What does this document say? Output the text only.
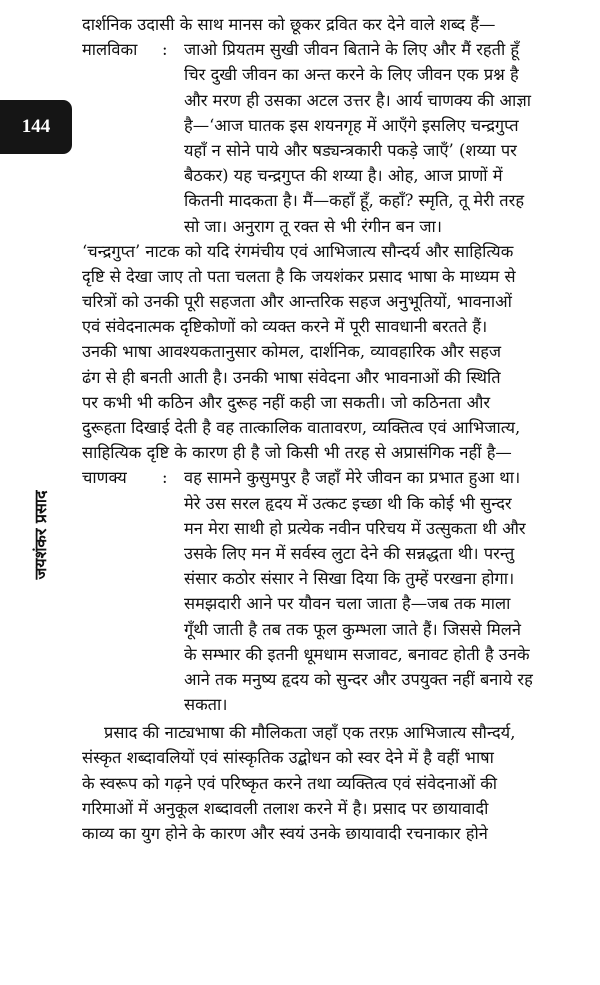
144
जयशंकर प्रसाद
दार्शनिक उदासी के साथ मानस को छूकर द्रवित कर देने वाले शब्द हैं—
मालविका	:	जाओ प्रियतम सुखी जीवन बिताने के लिए और मैं रहती हूँ
चिर दुखी जीवन का अन्त करने के लिए जीवन एक प्रश्न है
और मरण ही उसका अटल उत्तर है। आर्य चाणक्य की आज्ञा
है—‘आज घातक इस शयनगृह में आएँगे इसलिए चन्द्रगुप्त
यहाँ न सोने पाये और षड्यन्त्रकारी पकड़े जाएँ’ (शय्या पर
बैठकर) यह चन्द्रगुप्त की शय्या है। ओह, आज प्राणों में
कितनी मादकता है। मैं—कहाँ हूँ, कहाँ? स्मृति, तू मेरी तरह
सो जा। अनुराग तू रक्त से भी रंगीन बन जा।
‘चन्द्रगुप्त’ नाटक को यदि रंगमंचीय एवं आभिजात्य सौन्दर्य और साहित्यिक
दृष्टि से देखा जाए तो पता चलता है कि जयशंकर प्रसाद भाषा के माध्यम से
चरित्रों को उनकी पूरी सहजता और आन्तरिक सहज अनुभूतियों, भावनाओं
एवं संवेदनात्मक दृष्टिकोणों को व्यक्त करने में पूरी सावधानी बरतते हैं।
उनकी भाषा आवश्यकतानुसार कोमल, दार्शनिक, व्यावहारिक और सहज
ढंग से ही बनती आती है। उनकी भाषा संवेदना और भावनाओं की स्थिति
पर कभी भी कठिन और दुरूह नहीं कही जा सकती। जो कठिनता और
दुरूहता दिखाई देती है वह तात्कालिक वातावरण, व्यक्तित्व एवं आभिजात्य,
साहित्यिक दृष्टि के कारण ही है जो किसी भी तरह से अप्रासंगिक नहीं है—
चाणक्य	:	वह सामने कुसुमपुर है जहाँ मेरे जीवन का प्रभात हुआ था।
मेरे उस सरल हृदय में उत्कट इच्छा थी कि कोई भी सुन्दर
मन मेरा साथी हो प्रत्येक नवीन परिचय में उत्सुकता थी और
उसके लिए मन में सर्वस्व लुटा देने की सन्नद्धता थी। परन्तु
संसार कठोर संसार ने सिखा दिया कि तुम्हें परखना होगा।
समझदारी आने पर यौवन चला जाता है—जब तक माला
गूँथी जाती है तब तक फूल कुम्भला जाते हैं। जिससे मिलने
के सम्भार की इतनी धूमधाम सजावट, बनावट होती है उनके
आने तक मनुष्य हृदय को सुन्दर और उपयुक्त नहीं बनाये रह
सकता।
प्रसाद की नाट्यभाषा की मौलिकता जहाँ एक तरफ़ आभिजात्य सौन्दर्य,
संस्कृत शब्दावलियों एवं सांस्कृतिक उद्बोधन को स्वर देने में है वहीं भाषा
के स्वरूप को गढ़ने एवं परिष्कृत करने तथा व्यक्तित्व एवं संवेदनाओं की
गरिमाओं में अनुकूल शब्दावली तलाश करने में है। प्रसाद पर छायावादी
काव्य का युग होने के कारण और स्वयं उनके छायावादी रचनाकार होने
